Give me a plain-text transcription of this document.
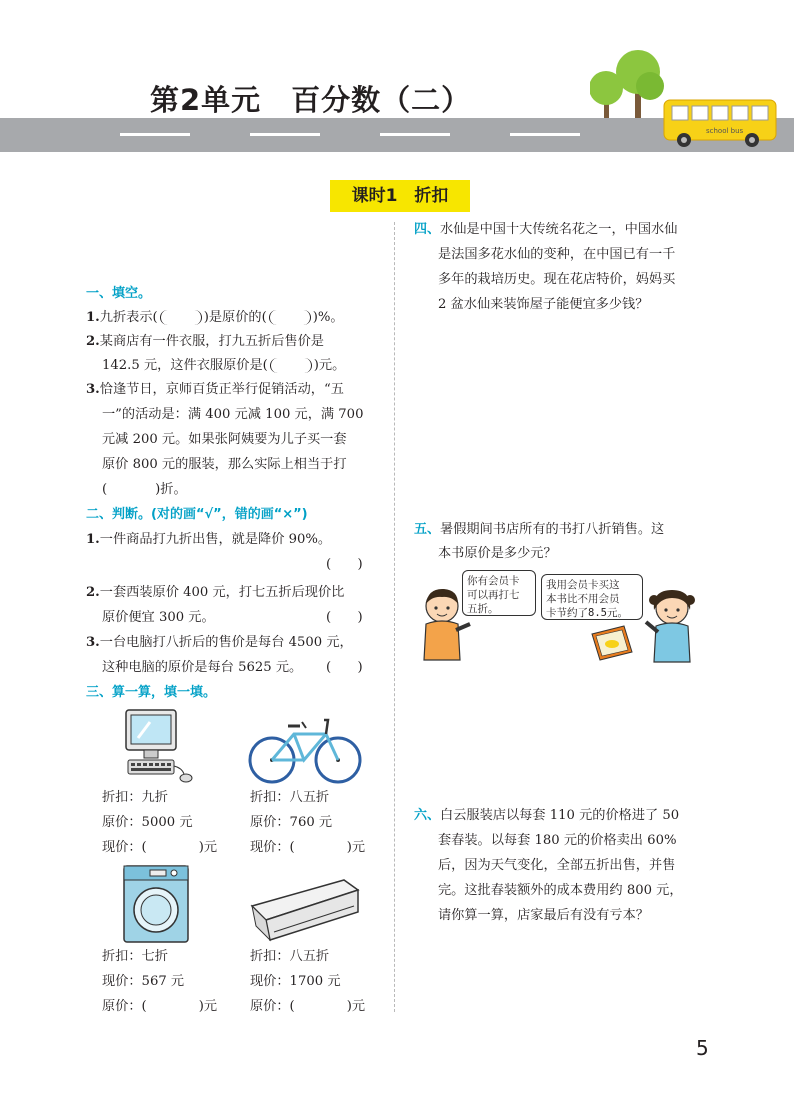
school bus
第2单元　百分数（二）
课时1　折扣
一、填空。
1.九折表示(	)是原价的(	)%。
2.某商店有一件衣服，打九五折后售价是
142.5 元，这件衣服原价是(	)元。
3.恰逢节日，京师百货正举行促销活动，“五
一”的活动是：满 400 元减 100 元，满 700
元减 200 元。如果张阿姨要为儿子买一套
原价 800 元的服装，那么实际上相当于打
(	)折。
二、判断。(对的画“√”，错的画“×”)
1.一件商品打九折出售，就是降价 90%。
(　　)
2.一套西装原价 400 元，打七五折后现价比
原价便宜 300 元。	(　　)
3.一台电脑打八折后的售价是每台 4500 元，
这种电脑的原价是每台 5625 元。 (　　)
三、算一算，填一填。
折扣：九折
原价：5000 元
现价：(	)元
折扣：八五折
原价：760 元
现价：(	)元
折扣：七折
现价：567 元
原价：(	)元
折扣：八五折
现价：1700 元
原价：(	)元
四、水仙是中国十大传统名花之一，中国水仙
是法国多花水仙的变种，在中国已有一千
多年的栽培历史。现在花店特价，妈妈买
2 盆水仙来装饰屋子能便宜多少钱？
五、暑假期间书店所有的书打八折销售。这
本书原价是多少元？
你有会员卡
可以再打七
五折。
我用会员卡买这
本书比不用会员
卡节约了8.5元。
六、白云服装店以每套 110 元的价格进了 50
套春装。以每套 180 元的价格卖出 60%
后，因为天气变化，全部五折出售，并售
完。这批春装额外的成本费用约 800 元，
请你算一算，店家最后有没有亏本？
5
